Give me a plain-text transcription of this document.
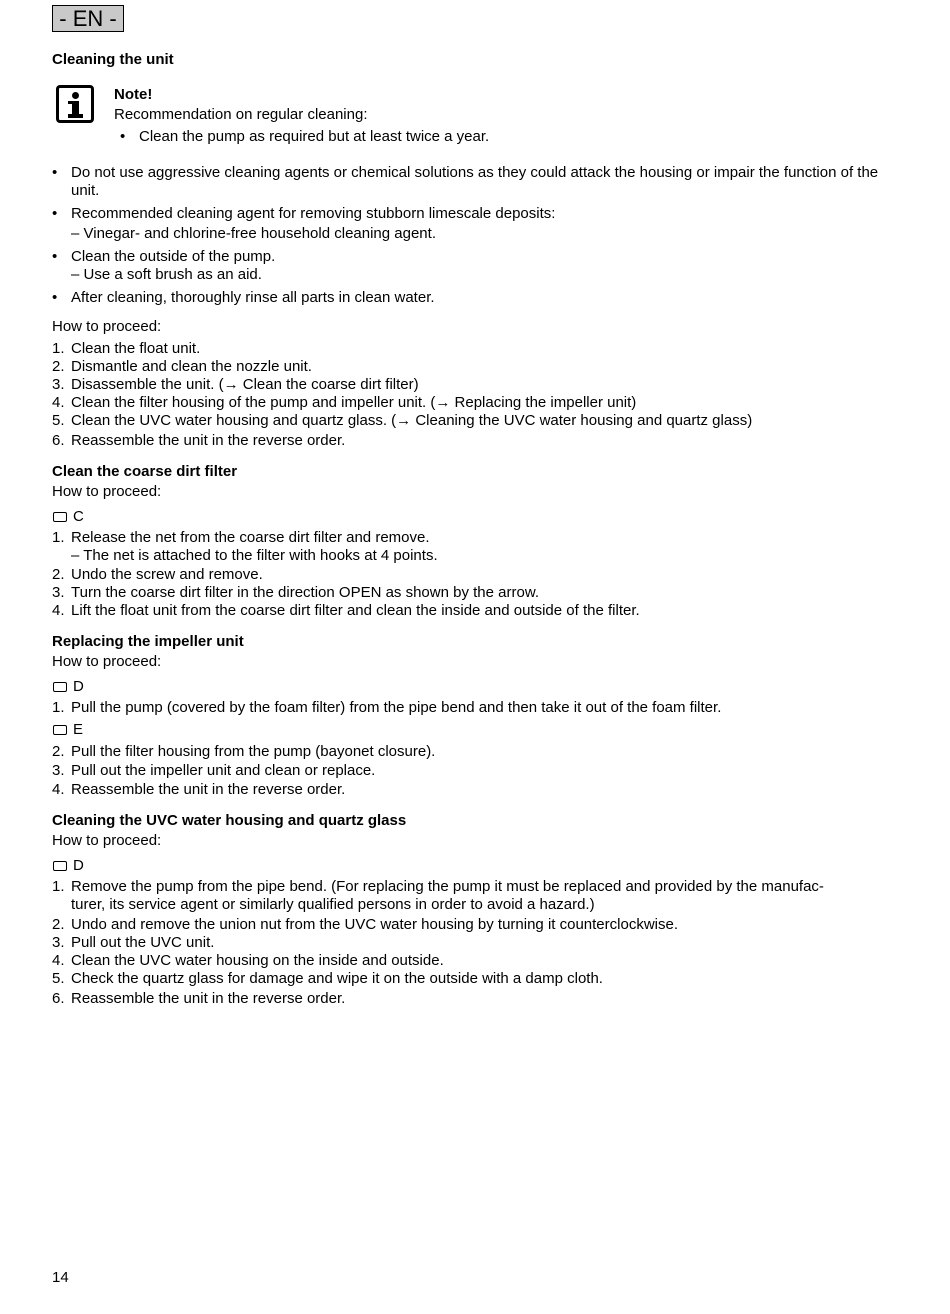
- EN -
Cleaning the unit
Note!
Recommendation on regular cleaning:
• Clean the pump as required but at least twice a year.
• Do not use aggressive cleaning agents or chemical solutions as they could attack the housing or impair the function of the unit.
• Recommended cleaning agent for removing stubborn limescale deposits:
– Vinegar- and chlorine-free household cleaning agent.
• Clean the outside of the pump.
– Use a soft brush as an aid.
• After cleaning, thoroughly rinse all parts in clean water.
How to proceed:
1. Clean the float unit.
2. Dismantle and clean the nozzle unit.
3. Disassemble the unit. (→ Clean the coarse dirt filter)
4. Clean the filter housing of the pump and impeller unit. (→ Replacing the impeller unit)
5. Clean the UVC water housing and quartz glass. (→ Cleaning the UVC water housing and quartz glass)
6. Reassemble the unit in the reverse order.
Clean the coarse dirt filter
How to proceed:
C
1. Release the net from the coarse dirt filter and remove.
– The net is attached to the filter with hooks at 4 points.
2. Undo the screw and remove.
3. Turn the coarse dirt filter in the direction OPEN as shown by the arrow.
4. Lift the float unit from the coarse dirt filter and clean the inside and outside of the filter.
Replacing the impeller unit
How to proceed:
D
1. Pull the pump (covered by the foam filter) from the pipe bend and then take it out of the foam filter.
E
2. Pull the filter housing from the pump (bayonet closure).
3. Pull out the impeller unit and clean or replace.
4. Reassemble the unit in the reverse order.
Cleaning the UVC water housing and quartz glass
How to proceed:
D
1. Remove the pump from the pipe bend. (For replacing the pump it must be replaced and provided by the manufac-
turer, its service agent or similarly qualified persons in order to avoid a hazard.)
2. Undo and remove the union nut from the UVC water housing by turning it counterclockwise.
3. Pull out the UVC unit.
4. Clean the UVC water housing on the inside and outside.
5. Check the quartz glass for damage and wipe it on the outside with a damp cloth.
6. Reassemble the unit in the reverse order.
14
